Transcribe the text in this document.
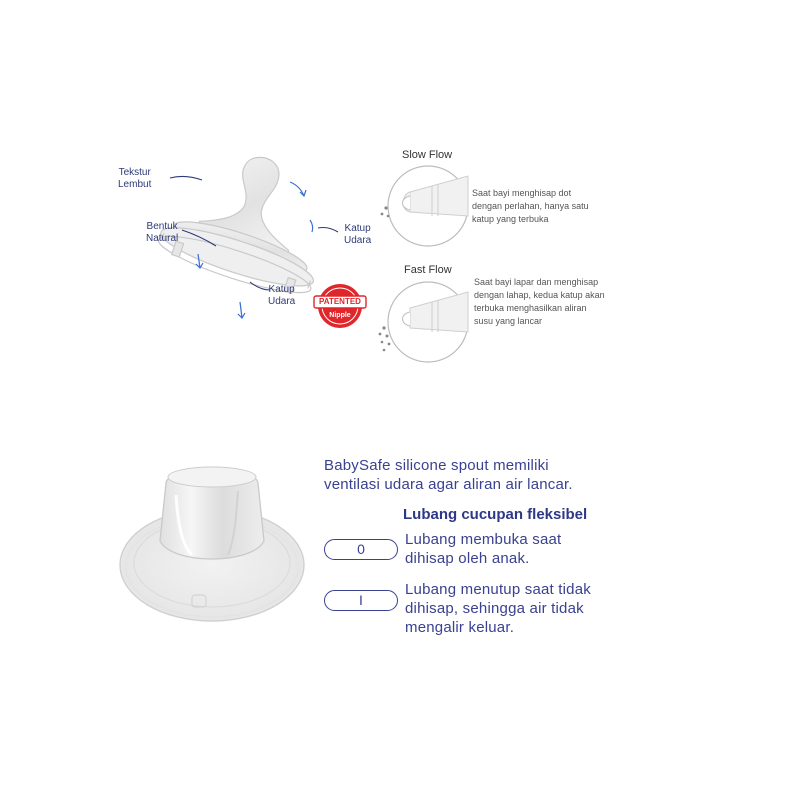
Tekstur
Lembut
Bentuk
Natural
Katup
Udara
Katup
Udara	PATENTED
Nipple
Slow Flow
Saat bayi menghisap dot
dengan perlahan, hanya satu
katup yang terbuka
Fast Flow
Saat bayi lapar dan menghisap
dengan lahap, kedua katup akan
terbuka menghasilkan aliran
susu yang lancar
BabySafe silicone spout memiliki
ventilasi udara agar aliran air lancar.
Lubang cucupan fleksibel
0
Lubang membuka saat
dihisap oleh anak.
I
Lubang menutup saat tidak
dihisap, sehingga air tidak
mengalir keluar.
